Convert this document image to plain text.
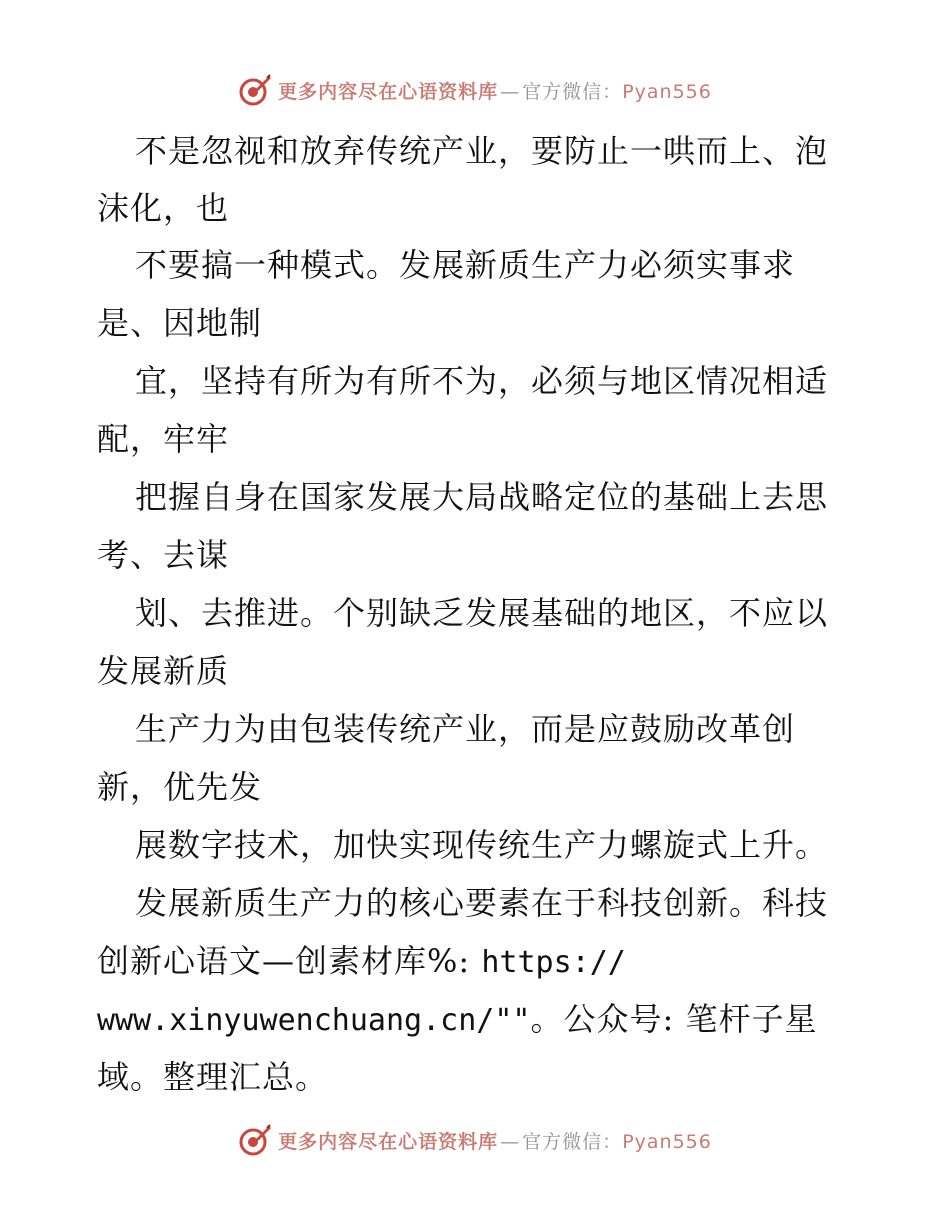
更多内容尽在心语资料库 — 官方微信：Pyan556
不是忽视和放弃传统产业，要防止一哄而上、泡
沫化，也
不要搞一种模式。发展新质生产力必须实事求
是、因地制
宜，坚持有所为有所不为，必须与地区情况相适
配，牢牢
把握自身在国家发展大局战略定位的基础上去思
考、去谋
划、去推进。个别缺乏发展基础的地区，不应以
发展新质
生产力为由包装传统产业，而是应鼓励改革创
新，优先发
展数字技术，加快实现传统生产力螺旋式上升。
发展新质生产力的核心要素在于科技创新。科技
创新心语文—创素材库%: https://
www.xinyuwenchuang.cn/""。公众号: 笔杆子星
域。整理汇总。
更多内容尽在心语资料库 — 官方微信：Pyan556
